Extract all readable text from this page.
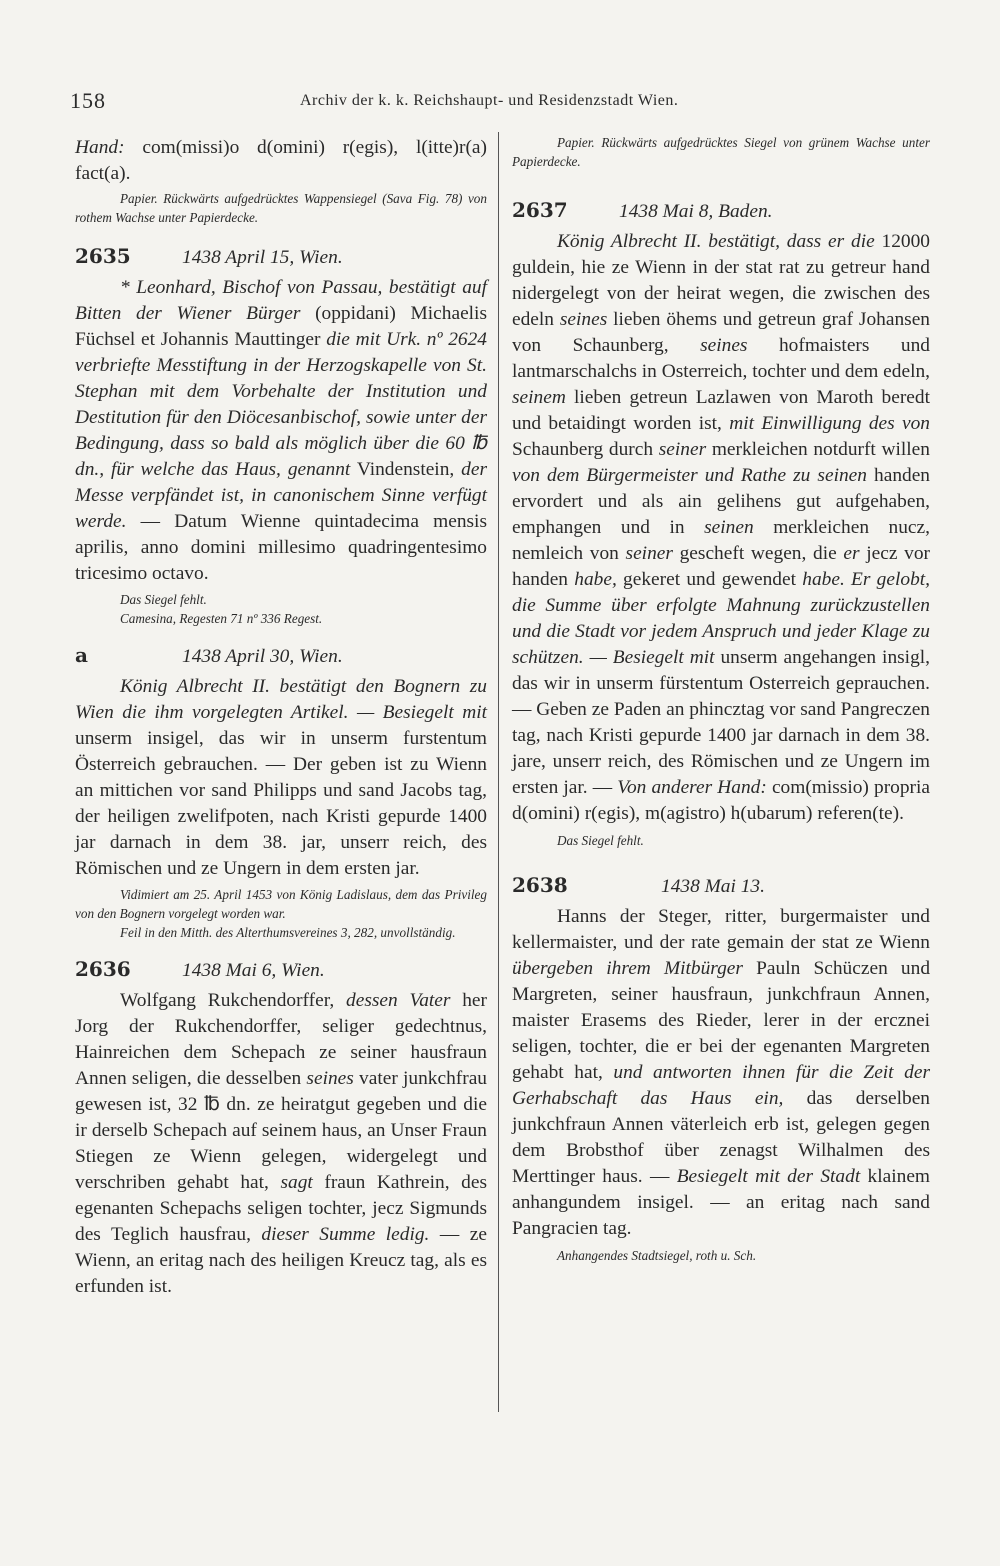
158	Archiv der k. k. Reichshaupt- und Residenzstadt Wien.

Hand: com(missi)o d(omini) r(egis), l(itte)r(a) fact(a).

Papier. Rückwärts aufgedrücktes Wappensiegel (Sava Fig. 78) von rothem Wachse unter Papierdecke.

2635	1438 April 15, Wien.

* Leonhard, Bischof von Passau, bestätigt auf Bitten der Wiener Bürger (oppidani) Michaelis Füchsel et Johannis Mauttinger die mit Urk. nº 2624 verbriefte Messtiftung in der Herzogskapelle von St. Stephan mit dem Vorbehalte der Institution und Destitution für den Diöcesanbischof, sowie unter der Bedingung, dass so bald als möglich über die 60 ℔ dn., für welche das Haus, genannt Vindenstein, der Messe verpfändet ist, in canonischem Sinne verfügt werde. — Datum Wienne quintadecima mensis aprilis, anno domini millesimo quadringentesimo tricesimo octavo.

Das Siegel fehlt.

Camesina, Regesten 71 nº 336 Regest.

a	1438 April 30, Wien.

König Albrecht II. bestätigt den Bognern zu Wien die ihm vorgelegten Artikel. — Besiegelt mit unserm insigel, das wir in unserm furstentum Österreich gebrauchen. — Der geben ist zu Wienn an mittichen vor sand Philipps und sand Jacobs tag, der heiligen zwelifpoten, nach Kristi gepurde 1400 jar darnach in dem 38. jar, unserr reich, des Römischen und ze Ungern in dem ersten jar.

Vidimiert am 25. April 1453 von König Ladislaus, dem das Privileg von den Bognern vorgelegt worden war.

Feil in den Mitth. des Alterthumsvereines 3, 282, unvollständig.

2636	1438 Mai 6, Wien.

Wolfgang Rukchendorffer, dessen Vater her Jorg der Rukchendorffer, seliger gedechtnus, Hainreichen dem Schepach ze seiner hausfraun Annen seligen, die desselben seines vater junkchfrau gewesen ist, 32 ℔ dn. ze heiratgut gegeben und die ir derselb Schepach auf seinem haus, an Unser Fraun Stiegen ze Wienn gelegen, widergelegt und verschriben gehabt hat, sagt fraun Kathrein, des egenanten Schepachs seligen tochter, jecz Sigmunds des Teglich hausfrau, dieser Summe ledig. — ze Wienn, an eritag nach des heiligen Kreucz tag, als es erfunden ist.

Papier. Rückwärts aufgedrücktes Siegel von grünem Wachse unter Papierdecke.

2637	1438 Mai 8, Baden.

König Albrecht II. bestätigt, dass er die 12000 guldein, hie ze Wienn in der stat rat zu getreur hand nidergelegt von der heirat wegen, die zwischen des edeln seines lieben öhems und getreun graf Johansen von Schaunberg, seines hofmaisters und lantmarschalchs in Osterreich, tochter und dem edeln, seinem lieben getreun Lazlawen von Maroth beredt und betaidingt worden ist, mit Einwilligung des von Schaunberg durch seiner merkleichen notdurft willen von dem Bürgermeister und Rathe zu seinen handen ervordert und als ain gelihens gut aufgehaben, emphangen und in seinen merkleichen nucz, nemleich von seiner gescheft wegen, die er jecz vor handen habe, gekeret und gewendet habe. Er gelobt, die Summe über erfolgte Mahnung zurückzustellen und die Stadt vor jedem Anspruch und jeder Klage zu schützen. — Besiegelt mit unserm angehangen insigl, das wir in unserm fürstentum Osterreich geprauchen. — Geben ze Paden an phinczt​ag vor sand Pangreczen tag, nach Kristi gepurde 1400 jar darnach in dem 38. jare, unserr reich, des Römischen und ze Ungern im ersten jar. — Von anderer Hand: com(missio) propria d(omini) r(egis), m(agistro) h(ubarum) referen(te).

Das Siegel fehlt.

2638	1438 Mai 13.

Hanns der Steger, ritter, burgermaister und kellermaister, und der rate gemain der stat ze Wienn übergeben ihrem Mitbürger Pauln Schüczen und Margreten, seiner hausfraun, junkchfraun Annen, maister Erasems des Rieder, lerer in der ercznei seligen, tochter, die er bei der egenanten Margreten gehabt hat, und antworten ihnen für die Zeit der Gerhabschaft das Haus ein, das derselben junkchfraun Annen väterleich erb ist, gelegen gegen dem Brobsthof über zenagst Wilhalmen des Merttinger haus. — Besiegelt mit der Stadt klainem anhangundem insigel. — an eritag nach sand Pangracien tag.

Anhangendes Stadtsiegel, roth u. Sch.
